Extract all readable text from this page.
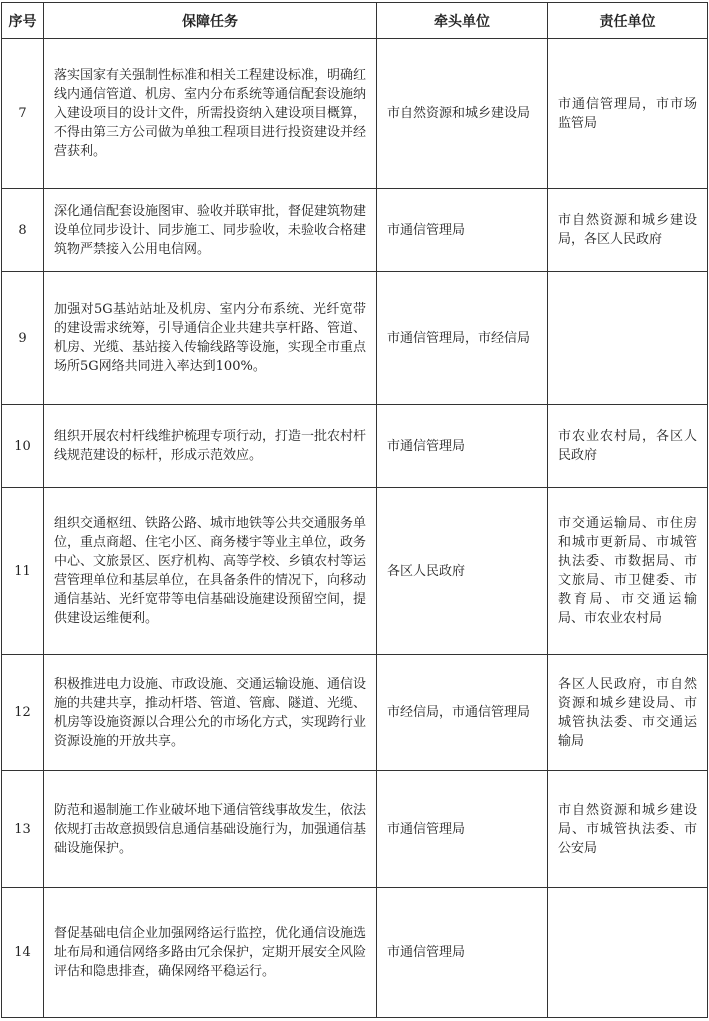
序号	保障任务	牵头单位	责任单位
7	落实国家有关强制性标准和相关工程建设标准，明确红线内通信管道、机房、室内分布系统等通信配套设施纳入建设项目的设计文件，所需投资纳入建设项目概算，不得由第三方公司做为单独工程项目进行投资建设并经营获利。	市自然资源和城乡建设局	市通信管理局，市市场监管局
8	深化通信配套设施图审、验收并联审批，督促建筑物建设单位同步设计、同步施工、同步验收，未验收合格建筑物严禁接入公用电信网。	市通信管理局	市自然资源和城乡建设局，各区人民政府
9	加强对5G基站站址及机房、室内分布系统、光纤宽带的建设需求统筹，引导通信企业共建共享杆路、管道、机房、光缆、基站接入传输线路等设施，实现全市重点场所5G网络共同进入率达到100%。	市通信管理局，市经信局	
10	组织开展农村杆线维护梳理专项行动，打造一批农村杆线规范建设的标杆，形成示范效应。	市通信管理局	市农业农村局，各区人民政府
11	组织交通枢纽、铁路公路、城市地铁等公共交通服务单位，重点商超、住宅小区、商务楼宇等业主单位，政务中心、文旅景区、医疗机构、高等学校、乡镇农村等运营管理单位和基层单位，在具备条件的情况下，向移动通信基站、光纤宽带等电信基础设施建设预留空间，提供建设运维便利。	各区人民政府	市交通运输局、市住房和城市更新局、市城管执法委、市数据局、市文旅局、市卫健委、市教育局、市交通运输局、市农业农村局
12	积极推进电力设施、市政设施、交通运输设施、通信设施的共建共享，推动杆塔、管道、管廊、隧道、光缆、机房等设施资源以合理公允的市场化方式，实现跨行业资源设施的开放共享。	市经信局，市通信管理局	各区人民政府，市自然资源和城乡建设局、市城管执法委、市交通运输局
13	防范和遏制施工作业破坏地下通信管线事故发生，依法依规打击故意损毁信息通信基础设施行为，加强通信基础设施保护。	市通信管理局	市自然资源和城乡建设局、市城管执法委、市公安局
14	督促基础电信企业加强网络运行监控，优化通信设施选址布局和通信网络多路由冗余保护，定期开展安全风险评估和隐患排查，确保网络平稳运行。	市通信管理局	
